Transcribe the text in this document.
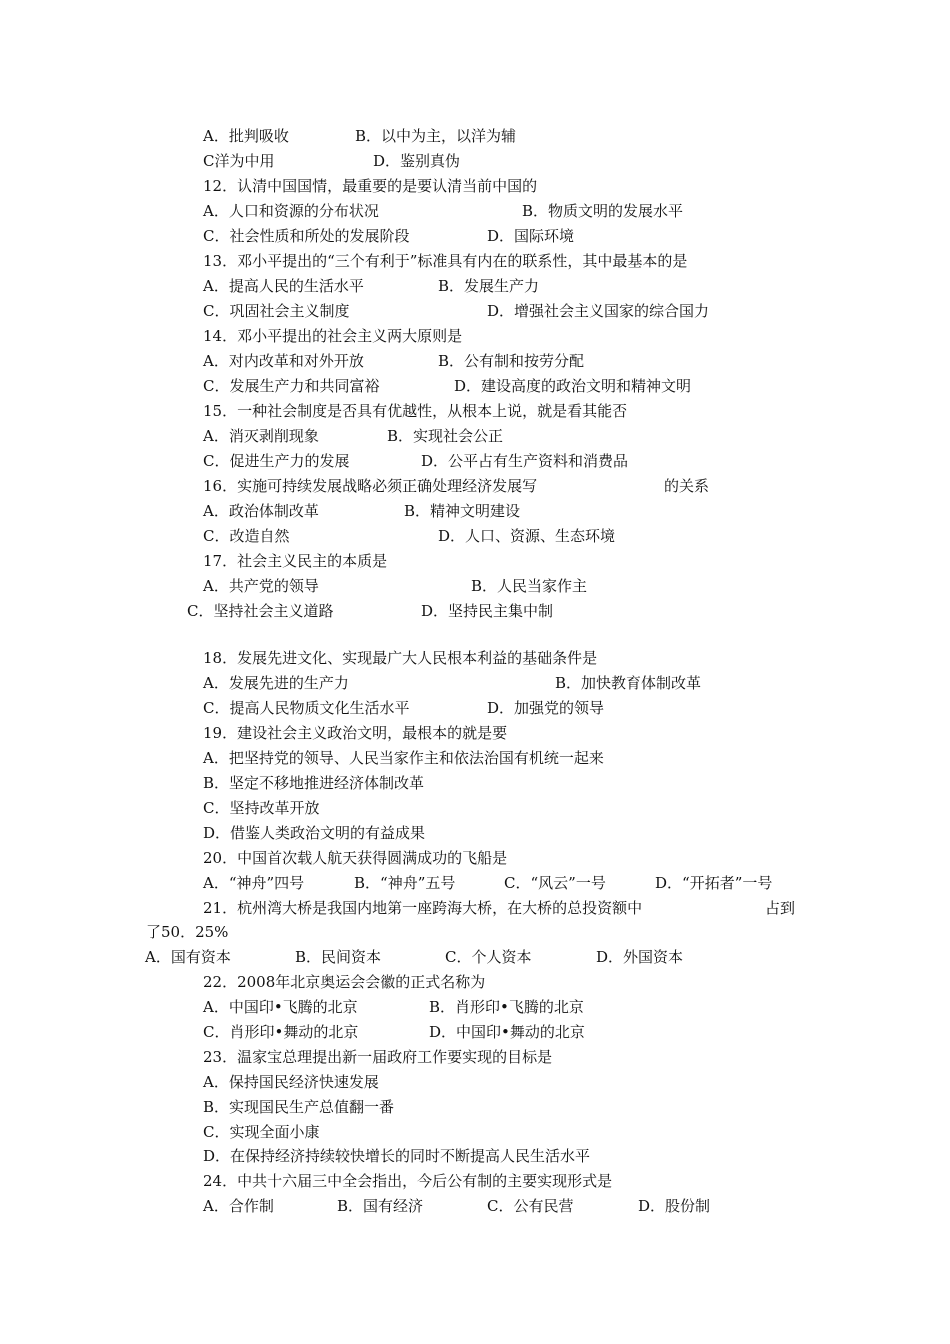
A．批判吸收	B．以中为主，以洋为辅
C洋为中用	D．鉴别真伪
12．认清中国国情，最重要的是要认清当前中国的
A．人口和资源的分布状况	B．物质文明的发展水平
C．社会性质和所处的发展阶段	D．国际环境
13．邓小平提出的“三个有利于”标准具有内在的联系性，其中最基本的是
A．提高人民的生活水平	B．发展生产力
C．巩固社会主义制度	D．增强社会主义国家的综合国力
14．邓小平提出的社会主义两大原则是
A．对内改革和对外开放	B．公有制和按劳分配
C．发展生产力和共同富裕	D．建设高度的政治文明和精神文明
15．一种社会制度是否具有优越性，从根本上说，就是看其能否
A．消灭剥削现象	B．实现社会公正
C．促进生产力的发展	D．公平占有生产资料和消费品
16．实施可持续发展战略必须正确处理经济发展写	的关系
A．政治体制改革	B．精神文明建设
C．改造自然	D．人口、资源、生态环境
17．社会主义民主的本质是
A．共产党的领导	B．人民当家作主
C．坚持社会主义道路	D．坚持民主集中制
18．发展先进文化、实现最广大人民根本利益的基础条件是
A．发展先进的生产力	B．加快教育体制改革
C．提高人民物质文化生活水平	D．加强党的领导
19．建设社会主义政治文明，最根本的就是要
A．把坚持党的领导、人民当家作主和依法治国有机统一起来
B．坚定不移地推进经济体制改革
C．坚持改革开放
D．借鉴人类政治文明的有益成果
20．中国首次载人航天获得圆满成功的飞船是
A．“神舟”四号	B．“神舟”五号	C．“风云”一号	D．“开拓者”一号
21．杭州湾大桥是我国内地第一座跨海大桥，在大桥的总投资额中	占到
了50．25%
A．国有资本	B．民间资本	C．个人资本	D．外国资本
22．2008年北京奥运会会徽的正式名称为
A．中国印•飞腾的北京	B．肖形印•飞腾的北京
C．肖形印•舞动的北京	D．中国印•舞动的北京
23．温家宝总理提出新一届政府工作要实现的目标是
A．保持国民经济快速发展
B．实现国民生产总值翻一番
C．实现全面小康
D．在保持经济持续较快增长的同时不断提高人民生活水平
24．中共十六届三中全会指出，今后公有制的主要实现形式是
A．合作制	B．国有经济	C．公有民营	D．股份制
